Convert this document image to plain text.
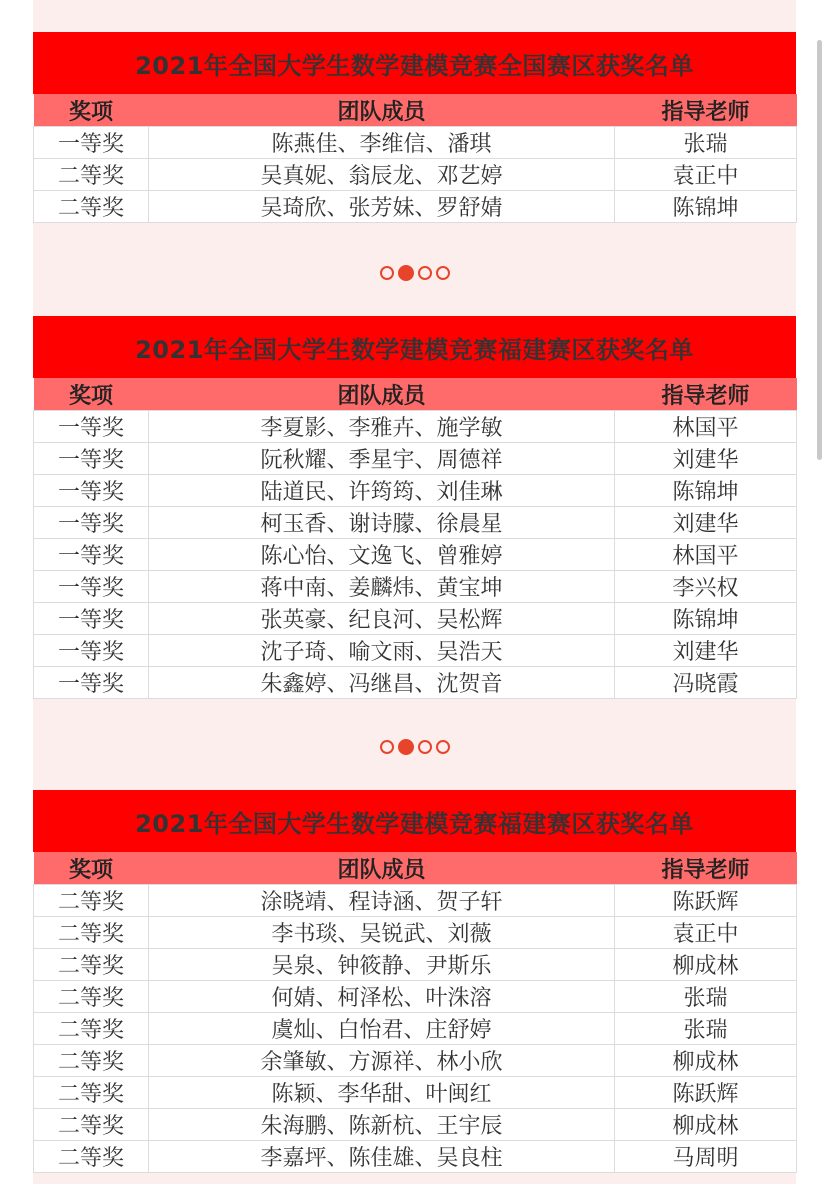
2021年全国大学生数学建模竞赛全国赛区获奖名单
奖项	团队成员	指导老师
一等奖	陈燕佳、李维信、潘琪	张瑞
二等奖	吴真妮、翁辰龙、邓艺婷	袁正中
二等奖	吴琦欣、张芳妹、罗舒婧	陈锦坤
2021年全国大学生数学建模竞赛福建赛区获奖名单
奖项	团队成员	指导老师
一等奖	李夏影、李雅卉、施学敏	林国平
一等奖	阮秋耀、季星宇、周德祥	刘建华
一等奖	陆道民、许筠筠、刘佳琳	陈锦坤
一等奖	柯玉香、谢诗朦、徐晨星	刘建华
一等奖	陈心怡、文逸飞、曾雅婷	林国平
一等奖	蒋中南、姜麟炜、黄宝坤	李兴权
一等奖	张英豪、纪良河、吴松辉	陈锦坤
一等奖	沈子琦、喻文雨、吴浩天	刘建华
一等奖	朱鑫婷、冯继昌、沈贺音	冯晓霞
2021年全国大学生数学建模竞赛福建赛区获奖名单
奖项	团队成员	指导老师
二等奖	涂晓靖、程诗涵、贺子轩	陈跃辉
二等奖	李书琰、吴锐武、刘薇	袁正中
二等奖	吴泉、钟筱静、尹斯乐	柳成林
二等奖	何婧、柯泽松、叶洙溶	张瑞
二等奖	虞灿、白怡君、庄舒婷	张瑞
二等奖	余肇敏、方源祥、林小欣	柳成林
二等奖	陈颖、李华甜、叶闽红	陈跃辉
二等奖	朱海鹏、陈新杭、王宇辰	柳成林
二等奖	李嘉坪、陈佳雄、吴良柱	马周明
